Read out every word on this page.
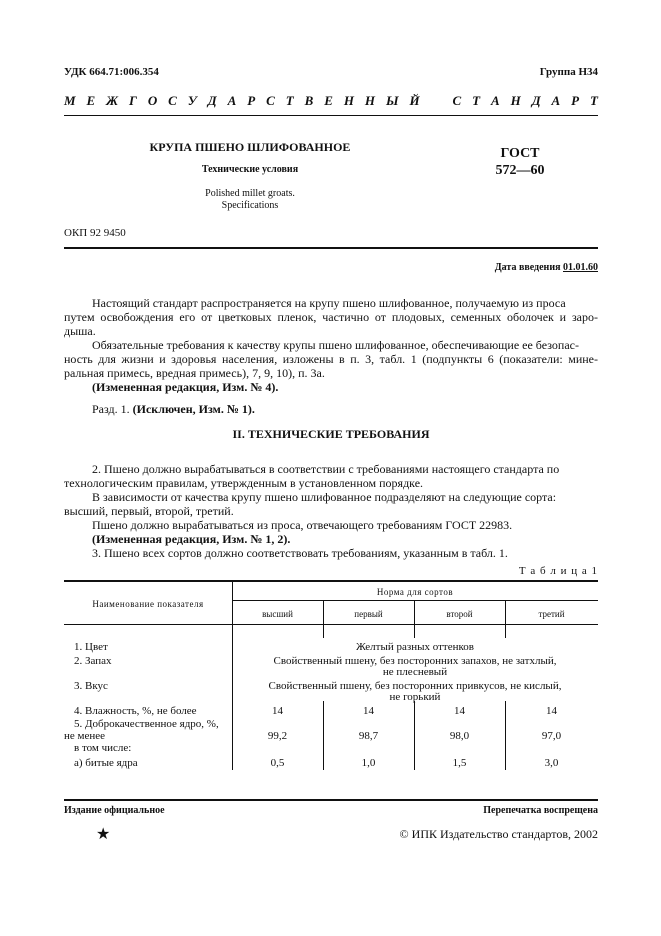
УДК 664.71:006.354	Группа Н34
М Е Ж Г О С У Д А Р С Т В Е Н Н Ы Й   С Т А Н Д А Р Т
КРУПА ПШЕНО ШЛИФОВАННОЕ
Технические условия
Polished millet groats.
Specifications
ГОСТ
572—60
ОКП 92 9450
Дата введения 01.01.60
Настоящий стандарт распространяется на крупу пшено шлифованное, получаемую из проса
путем освобождения его от цветковых пленок, частично от плодовых, семенных оболочек и заро-
дыша.
Обязательные требования к качеству крупы пшено шлифованное, обеспечивающие ее безопас-
ность для жизни и здоровья населения, изложены в п. 3, табл. 1 (подпункты 6 (показатели: мине-
ральная примесь, вредная примесь), 7, 9, 10), п. 3а.
(Измененная редакция, Изм. № 4).
Разд. 1. (Исключен, Изм. № 1).
II. ТЕХНИЧЕСКИЕ ТРЕБОВАНИЯ
2. Пшено должно вырабатываться в соответствии с требованиями настоящего стандарта по
технологическим правилам, утвержденным в установленном порядке.
В зависимости от качества крупу пшено шлифованное подразделяют на следующие сорта:
высший, первый, второй, третий.
Пшено должно вырабатываться из проса, отвечающего требованиям ГОСТ 22983.
(Измененная редакция, Изм. № 1, 2).
3. Пшено всех сортов должно соответствовать требованиям, указанным в табл. 1.
Т а б л и ц а 1
Наименование показателя
Норма для сортов
высший	первый	второй	третий
1. Цвет	Желтый разных оттенков
2. Запах	Свойственный пшену, без посторонних запахов, не затхлый,
не плесневый
3. Вкус	Свойственный пшену, без посторонних привкусов, не кислый,
не горький
4. Влажность, %, не более	14	14	14	14
5. Доброкачественное ядро, %,
не менее	99,2	98,7	98,0	97,0
в том числе:
а) битые ядра	0,5	1,0	1,5	3,0
Издание официальное	Перепечатка воспрещена
★	© ИПК Издательство стандартов, 2002
